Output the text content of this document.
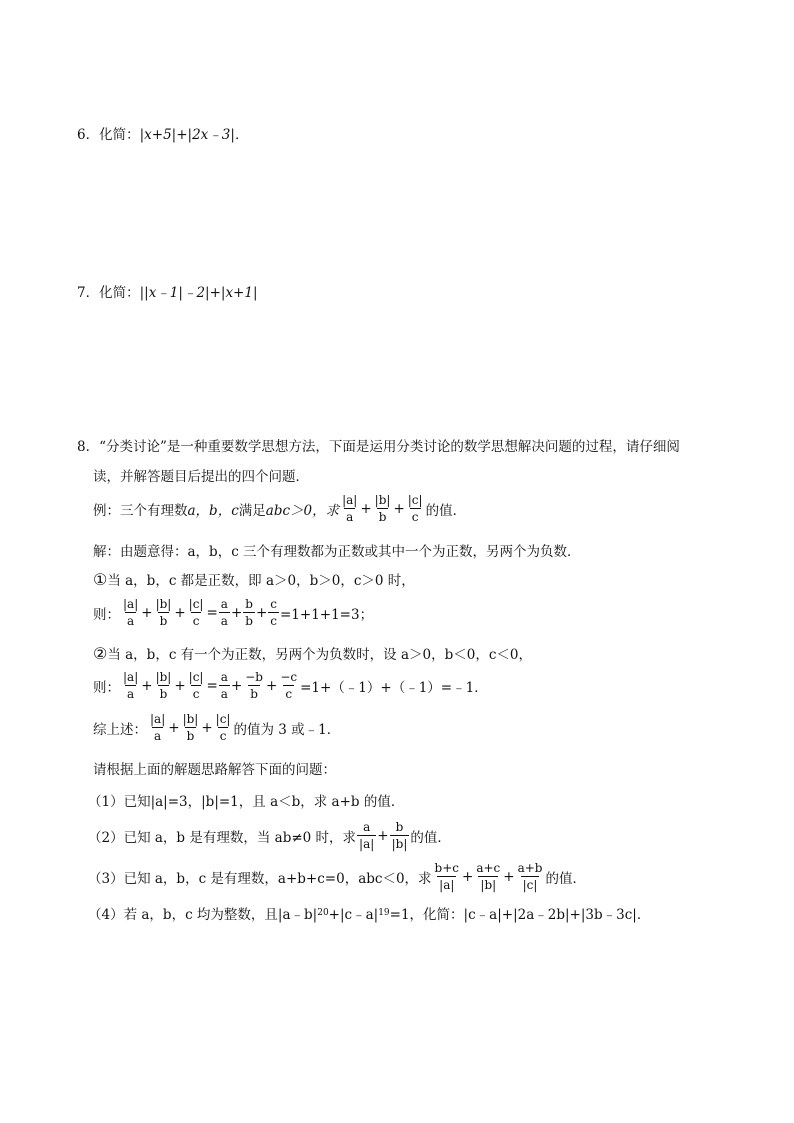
6． 化简： |x+5|+|2x﹣3|．
7． 化简： ||x﹣1|﹣2|+|x+1|
8． “分类讨论”是一种重要数学思想方法，下面是运用分类讨论的数学思想解决问题的过程，请仔细阅
读，并解答题目后提出的四个问题．
例：三个有理数 a，b，c 满足 abc＞0，求 $\frac{|a|}{a} + \frac{|b|}{b} + \frac{|c|}{c}$ 的值．
解：由题意得：a，b，c 三个有理数都为正数或其中一个为正数，另两个为负数．
① 当 a，b，c 都是正数，即 a＞0，b＞0，c＞0 时，
则： $\frac{|a|}{a} + \frac{|b|}{b} + \frac{|c|}{c} = \frac{a}{a} + \frac{b}{b} + \frac{c}{c} =1+1+1=3$；
② 当 a，b，c 有一个为正数，另两个为负数时，设 a＞0，b＜0，c＜0，
则： $\frac{|a|}{a} + \frac{|b|}{b} + \frac{|c|}{c} = \frac{a}{a} + \frac{-b}{b} + \frac{-c}{c}$ =1+（﹣1）+（﹣1）=﹣1．
综上述： $\frac{|a|}{a} + \frac{|b|}{b} + \frac{|c|}{c}$ 的值为 3 或﹣1．
请根据上面的解题思路解答下面的问题：
（1）已知|a|=3，|b|=1，且 a＜b，求 a+b 的值．
（2）已知 a，b 是有理数，当 ab≠0 时，求 $\frac{a}{|a|} + \frac{b}{|b|}$ 的值．
（3）已知 a，b，c 是有理数，a+b+c=0，abc＜0，求 $\frac{b+c}{|a|} + \frac{a+c}{|b|} + \frac{a+b}{|c|}$ 的值．
（4）若 a，b，c 均为整数，且|a﹣b| 20 +|c﹣a| 19 =1，化简：|c﹣a|+|2a﹣2b|+|3b﹣3c|．
